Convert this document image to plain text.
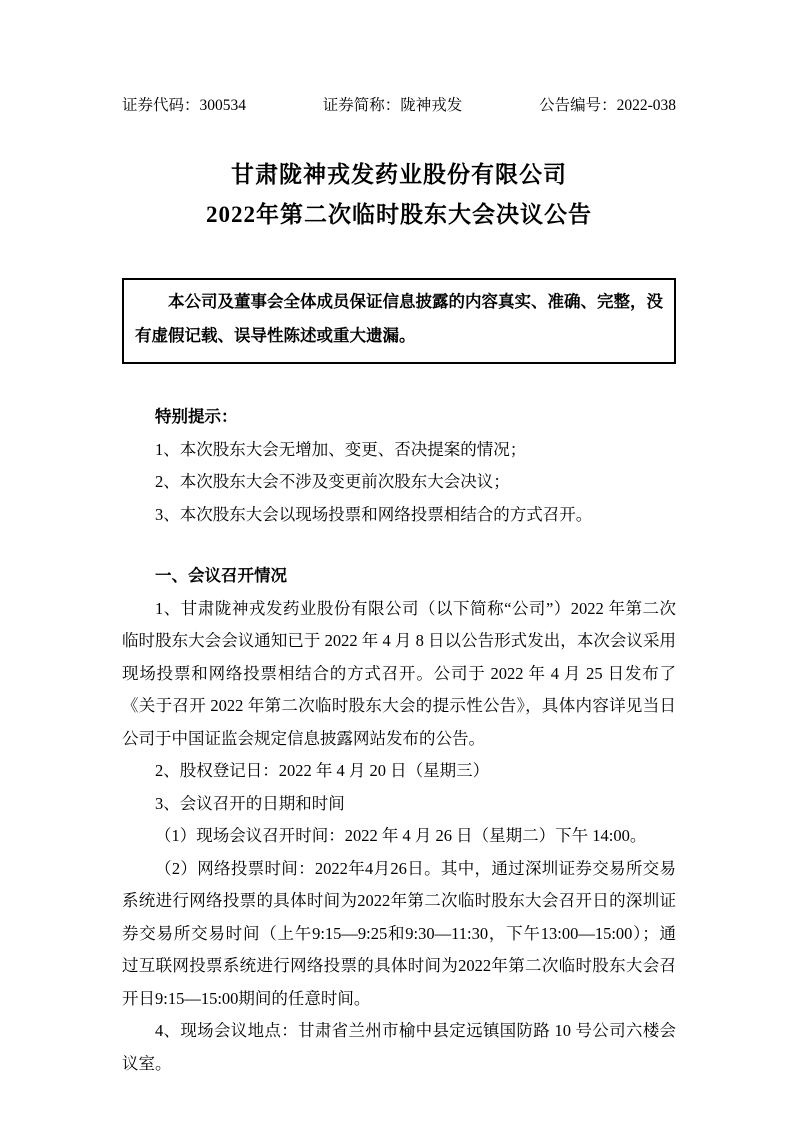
证券代码：300534	证券简称：陇神戎发	公告编号：2022-038
甘肃陇神戎发药业股份有限公司
2022年第二次临时股东大会决议公告

本公司及董事会全体成员保证信息披露的内容真实、准确、完整，没有虚假记载、误导性陈述或重大遗漏。

特别提示：

1、本次股东大会无增加、变更、否决提案的情况；

2、本次股东大会不涉及变更前次股东大会决议；

3、本次股东大会以现场投票和网络投票相结合的方式召开。

一、会议召开情况

1、甘肃陇神戎发药业股份有限公司（以下简称“公司”）2022 年第二次临时股东大会会议通知已于 2022 年 4 月 8 日以公告形式发出，本次会议采用现场投票和网络投票相结合的方式召开。公司于 2022 年 4 月 25 日发布了《关于召开 2022 年第二次临时股东大会的提示性公告》，具体内容详见当日公司于中国证监会规定信息披露网站发布的公告。

2、股权登记日：2022 年 4 月 20 日（星期三）

3、会议召开的日期和时间

（1）现场会议召开时间：2022 年 4 月 26 日（星期二）下午 14:00。

（2）网络投票时间：2022年4月26日。其中，通过深圳证券交易所交易系统进行网络投票的具体时间为2022年第二次临时股东大会召开日的深圳证券交易所交易时间（上午9:15—9:25和9:30—11:30，下午13:00—15:00）；通过互联网投票系统进行网络投票的具体时间为2022年第二次临时股东大会召开日9:15—15:00期间的任意时间。

4、现场会议地点：甘肃省兰州市榆中县定远镇国防路 10 号公司六楼会议室。
